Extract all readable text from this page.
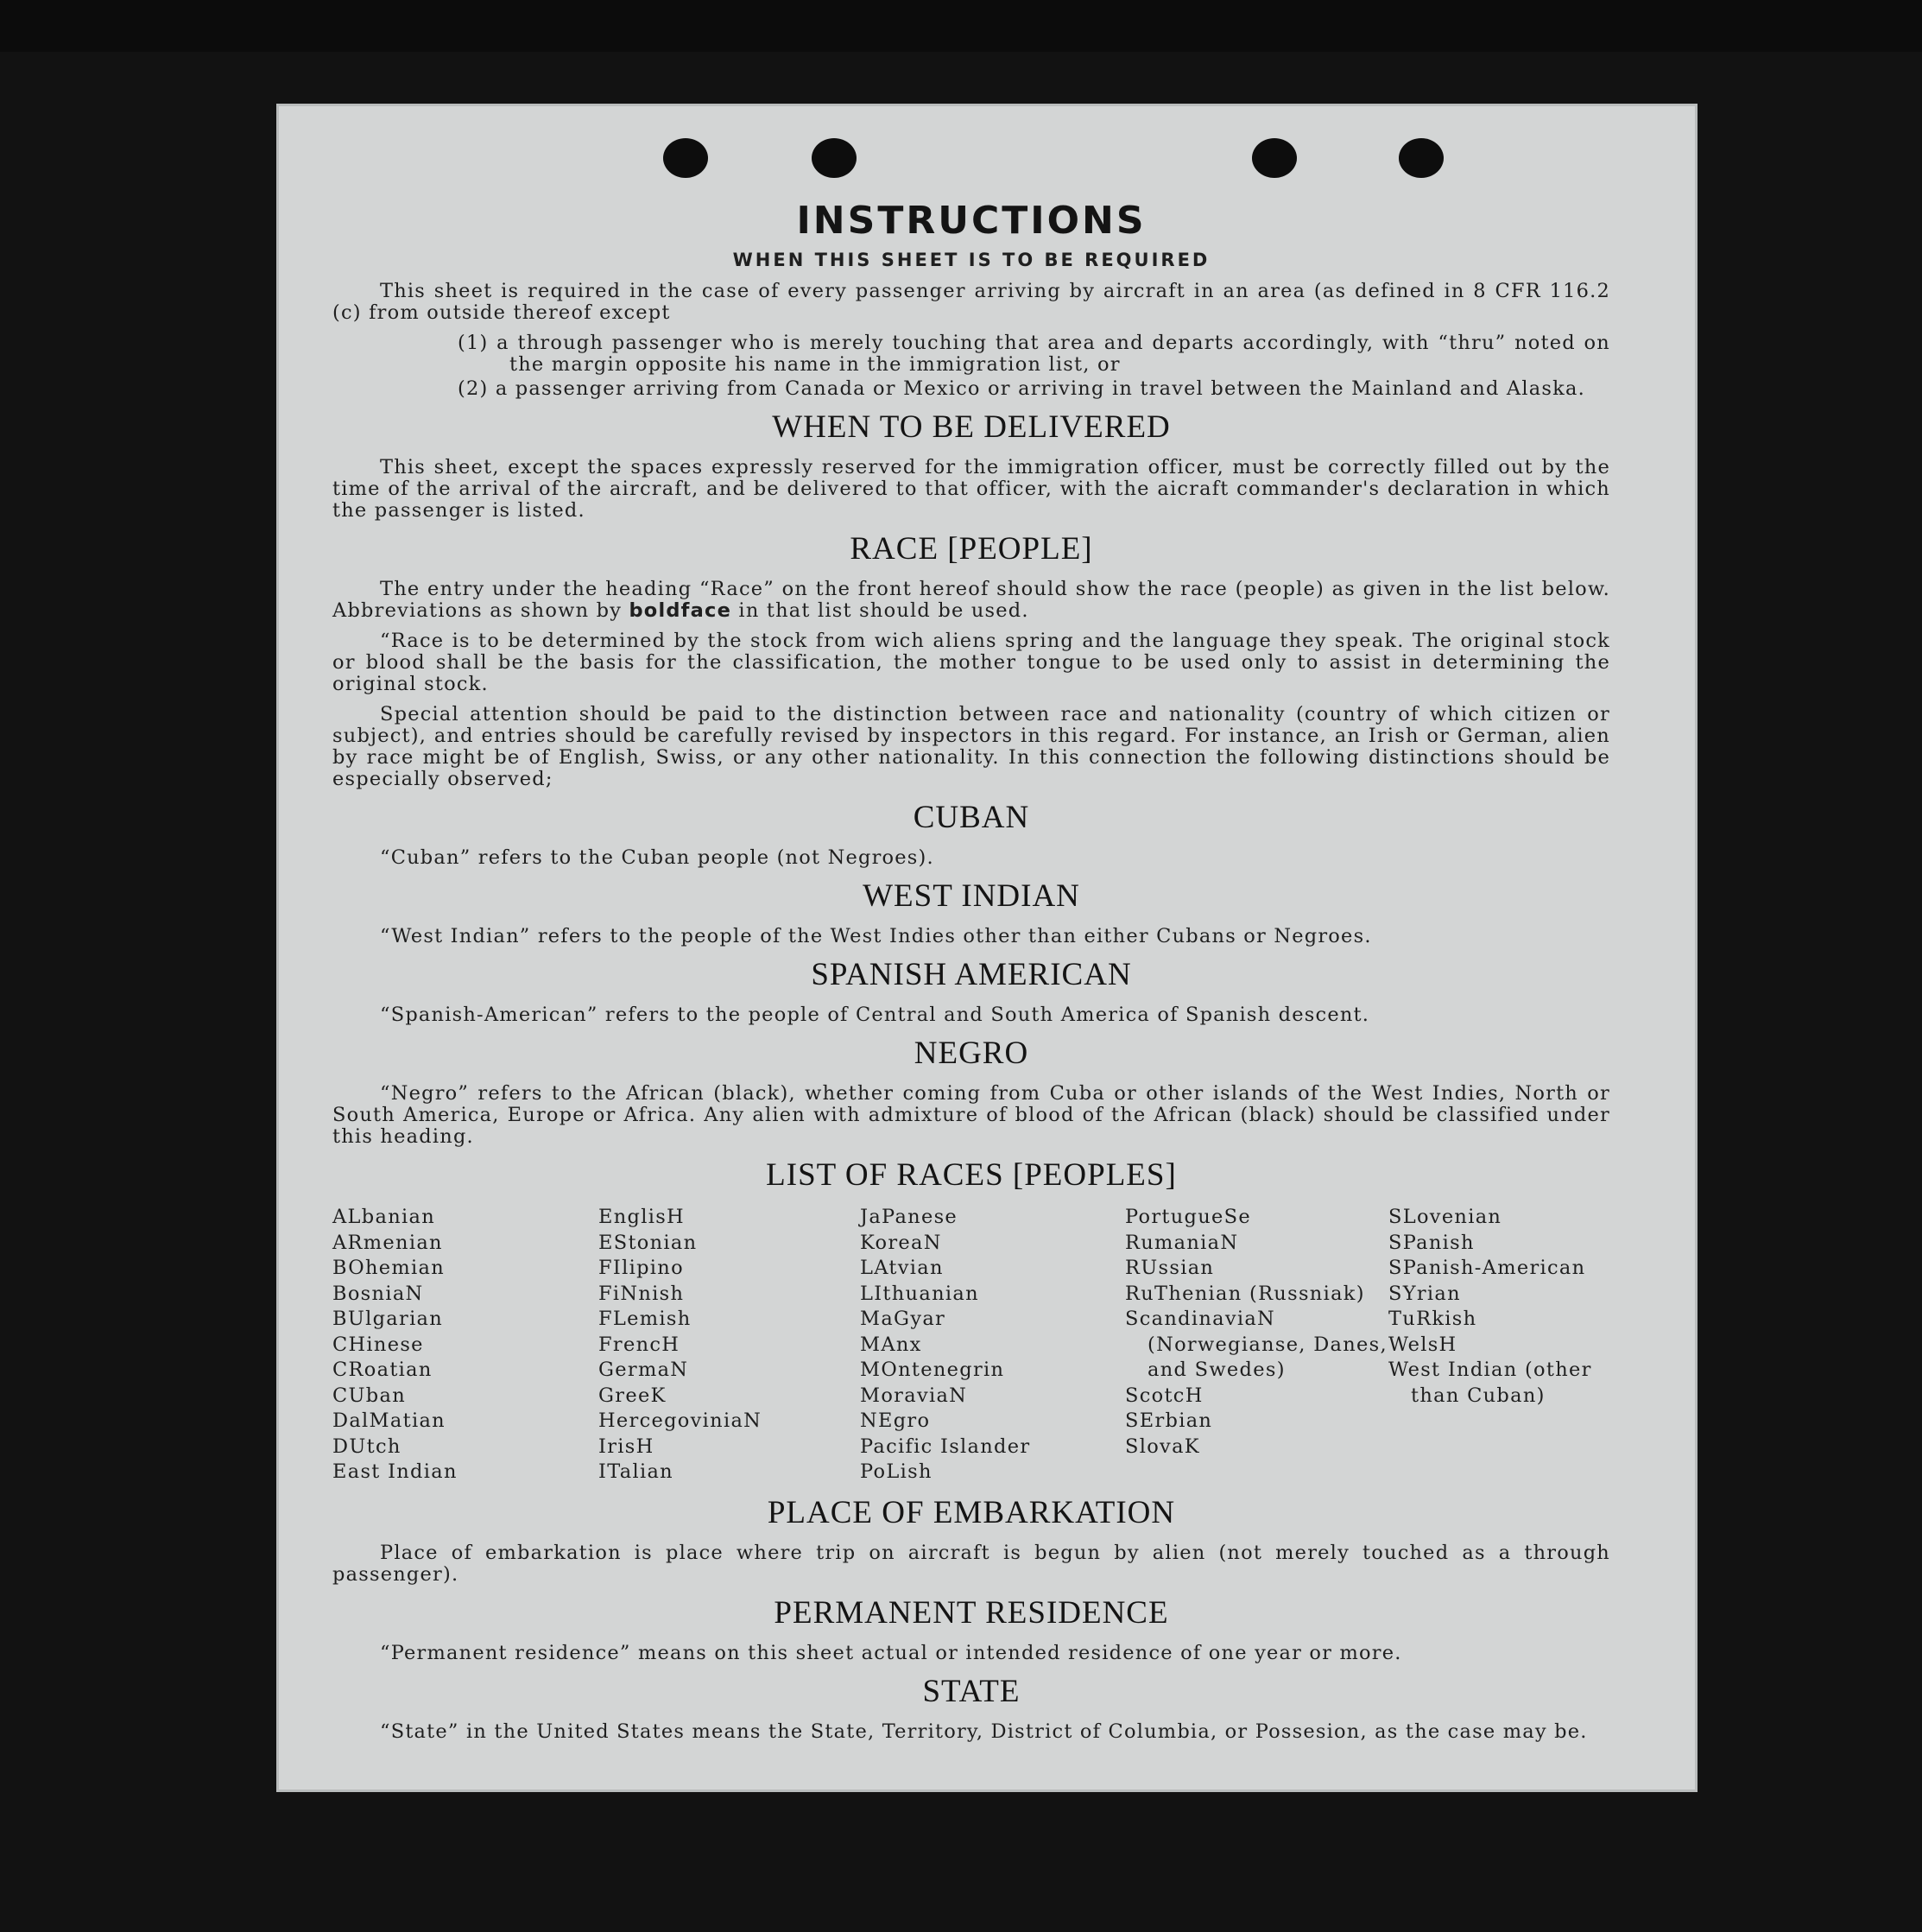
INSTRUCTIONS
WHEN THIS SHEET IS TO BE REQUIRED

This sheet is required in the case of every passenger arriving by aircraft in an area (as defined in 8 CFR 116.2 (c) from outside thereof except

(1) a through passenger who is merely touching that area and departs accordingly, with “thru” noted on the margin opposite his name in the immigration list, or

(2) a passenger arriving from Canada or Mexico or arriving in travel between the Mainland and Alaska.

WHEN TO BE DELIVERED

This sheet, except the spaces expressly reserved for the immigration officer, must be correctly filled out by the time of the arrival of the aircraft, and be delivered to that officer, with the aicraft commander's declaration in which the passenger is listed.

RACE [PEOPLE]

The entry under the heading “Race” on the front hereof should show the race (people) as given in the list below. Abbreviations as shown by boldface in that list should be used.

“Race is to be determined by the stock from wich aliens spring and the language they speak. The original stock or blood shall be the basis for the classification, the mother tongue to be used only to assist in determining the original stock.

Special attention should be paid to the distinction between race and nationality (country of which citizen or subject), and entries should be carefully revised by inspectors in this regard. For instance, an Irish or German, alien by race might be of English, Swiss, or any other nationality. In this connection the following distinctions should be especially observed;

CUBAN

“Cuban” refers to the Cuban people (not Negroes).

WEST INDIAN

“West Indian” refers to the people of the West Indies other than either Cubans or Negroes.

SPANISH AMERICAN

“Spanish-American” refers to the people of Central and South America of Spanish descent.

NEGRO

“Negro” refers to the African (black), whether coming from Cuba or other islands of the West Indies, North or South America, Europe or Africa. Any alien with admixture of blood of the African (black) should be classified under this heading.

LIST OF RACES [PEOPLES]
ALbanian
ARmenian
BOhemian
BosniaN
BUlgarian
CHinese
CRoatian
CUban
DalMatian
DUtch
East Indian
EnglisH
EStonian
FIlipino
FiNnish
FLemish
FrencH
GermaN
GreeK
HercegoviniaN
IrisH
ITalian
JaPanese
KoreaN
LAtvian
LIthuanian
MaGyar
MAnx
MOntenegrin
MoraviaN
NEgro
Pacific Islander
PoLish
PortugueSe
RumaniaN
RUssian
RuThenian (Russniak)
ScandinaviaN (Norwegianse, Danes, and Swedes)
ScotcH
SErbian
SlovaK
SLovenian
SPanish
SPanish-American
SYrian
TuRkish
WelsH
West Indian (other than Cuban)
PLACE OF EMBARKATION

Place of embarkation is place where trip on aircraft is begun by alien (not merely touched as a through passenger).

PERMANENT RESIDENCE

“Permanent residence” means on this sheet actual or intended residence of one year or more.

STATE

“State” in the United States means the State, Territory, District of Columbia, or Possesion, as the case may be.
